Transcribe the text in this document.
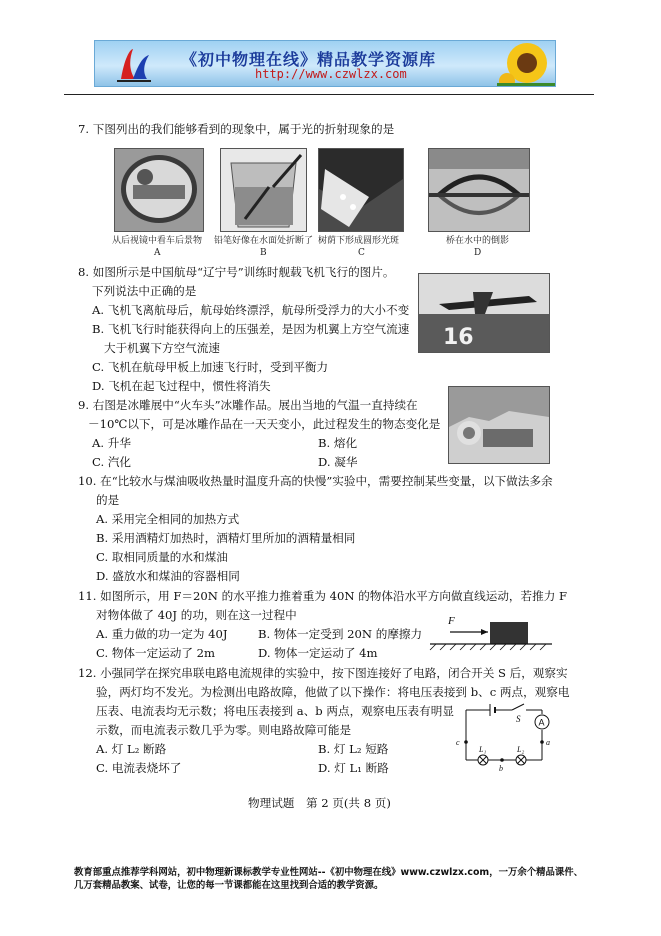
《初中物理在线》精品教学资源库
http://www.czwlzx.com
7. 下图列出的我们能够看到的现象中，属于光的折射现象的是
从后视镜中看车后景物
A
铅笔好像在水面处折断了
B
树荫下形成圆形光斑
C
桥在水中的倒影
D
8. 如图所示是中国航母“辽宁号”训练时舰载飞机飞行的图片。
下列说法中正确的是
A. 飞机飞离航母后，航母始终漂浮，航母所受浮力的大小不变
B. 飞机飞行时能获得向上的压强差，是因为机翼上方空气流速
大于机翼下方空气流速
C. 飞机在航母甲板上加速飞行时，受到平衡力
D. 飞机在起飞过程中，惯性将消失
16
9. 右图是冰雕展中“火车头”冰雕作品。展出当地的气温一直持续在
－10℃以下，可是冰雕作品在一天天变小，此过程发生的物态变化是
A. 升华	B. 熔化
C. 汽化	D. 凝华
10. 在“比较水与煤油吸收热量时温度升高的快慢”实验中，需要控制某些变量，以下做法多余
的是
A. 采用完全相同的加热方式
B. 采用酒精灯加热时，酒精灯里所加的酒精量相同
C. 取相同质量的水和煤油
D. 盛放水和煤油的容器相同
11. 如图所示，用 F＝20N 的水平推力推着重为 40N 的物体沿水平方向做直线运动，若推力 F
对物体做了 40J 的功，则在这一过程中
A. 重力做的功一定为 40J	B. 物体一定受到 20N 的摩擦力
C. 物体一定运动了 2m	D. 物体一定运动了 4m
F
12. 小强同学在探究串联电路电流规律的实验中，按下图连接好了电路，闭合开关 S 后，观察实
验，两灯均不发光。为检测出电路故障，他做了以下操作：将电压表接到 b、c 两点，观察电
压表、电流表均无示数；将电压表接到 a、b 两点，观察电压表有明显
示数，而电流表示数几乎为零。则电路故障可能是
A. 灯 L₂ 断路	B. 灯 L₂ 短路
C. 电流表烧坏了	D. 灯 L₁ 断路
A
S
L₁	L₂
c	a
b
物理试题　第 2 页(共 8 页)
教育部重点推荐学科网站，初中物理新课标教学专业性网站--《初中物理在线》www.czwlzx.com，一万余个精品课件、
几万套精品教案、试卷，让您的每一节课都能在这里找到合适的教学资源。
